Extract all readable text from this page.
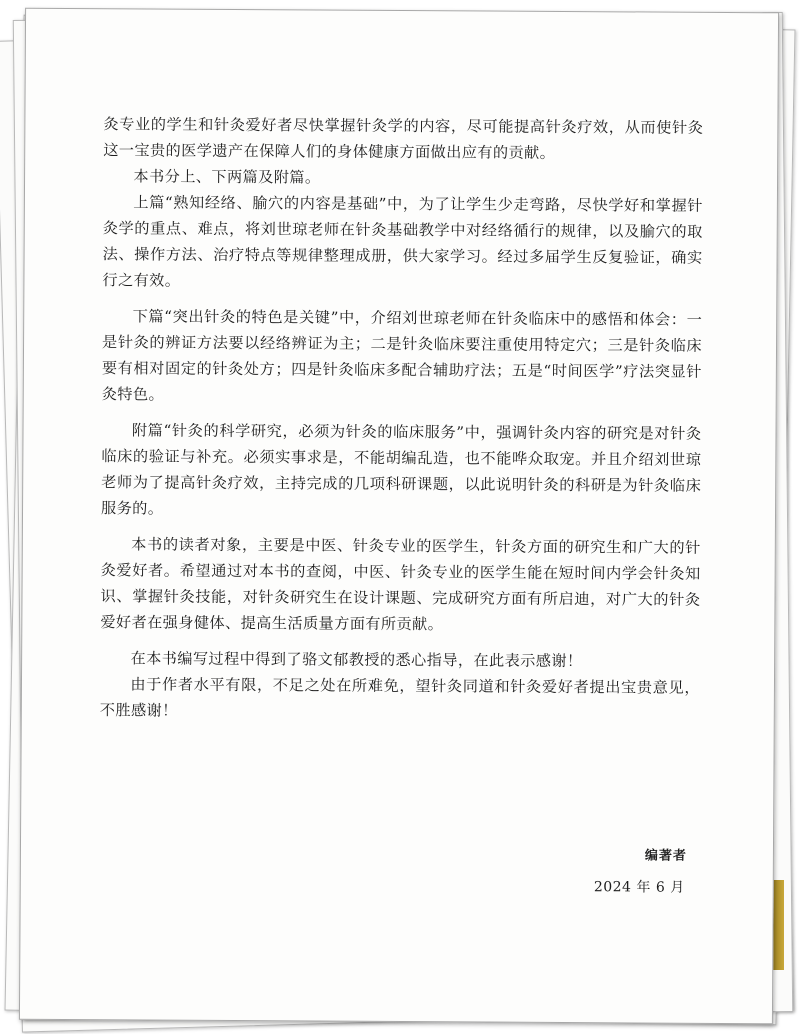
灸专业的学生和针灸爱好者尽快掌握针灸学的内容，尽可能提高针灸疗效，从而使针灸这一宝贵的医学遗产在保障人们的身体健康方面做出应有的贡献。

本书分上、下两篇及附篇。

上篇“熟知经络、腧穴的内容是基础”中，为了让学生少走弯路，尽快学好和掌握针灸学的重点、难点，将刘世琼老师在针灸基础教学中对经络循行的规律，以及腧穴的取法、操作方法、治疗特点等规律整理成册，供大家学习。经过多届学生反复验证，确实行之有效。

下篇“突出针灸的特色是关键”中，介绍刘世琼老师在针灸临床中的感悟和体会：一是针灸的辨证方法要以经络辨证为主；二是针灸临床要注重使用特定穴；三是针灸临床要有相对固定的针灸处方；四是针灸临床多配合辅助疗法；五是“时间医学”疗法突显针灸特色。

附篇“针灸的科学研究，必须为针灸的临床服务”中，强调针灸内容的研究是对针灸临床的验证与补充。必须实事求是，不能胡编乱造，也不能哗众取宠。并且介绍刘世琼老师为了提高针灸疗效，主持完成的几项科研课题，以此说明针灸的科研是为针灸临床服务的。

本书的读者对象，主要是中医、针灸专业的医学生，针灸方面的研究生和广大的针灸爱好者。希望通过对本书的查阅，中医、针灸专业的医学生能在短时间内学会针灸知识、掌握针灸技能，对针灸研究生在设计课题、完成研究方面有所启迪，对广大的针灸爱好者在强身健体、提高生活质量方面有所贡献。

在本书编写过程中得到了骆文郁教授的悉心指导，在此表示感谢！

由于作者水平有限，不足之处在所难免，望针灸同道和针灸爱好者提出宝贵意见，不胜感谢！

编著者
2024 年 6 月
